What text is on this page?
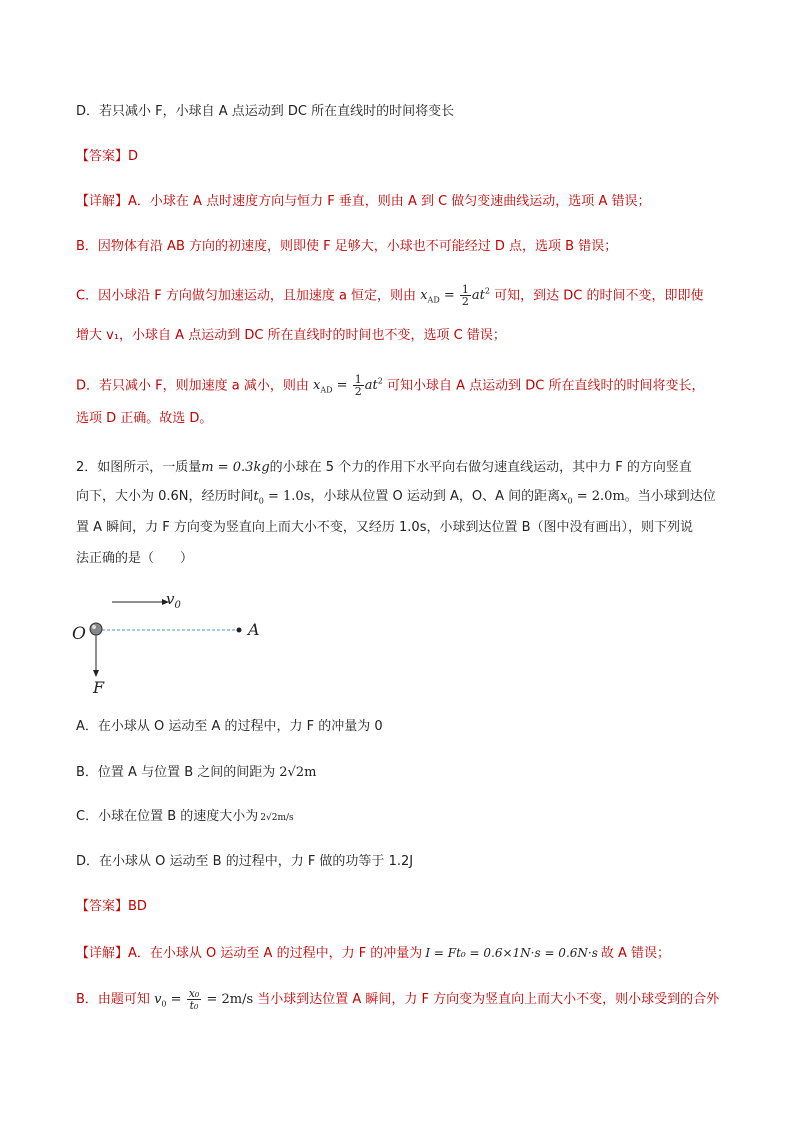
D．若只减小 F，小球自 A 点运动到 DC 所在直线时的时间将变长
【答案】D
【详解】A．小球在 A 点时速度方向与恒力 F 垂直，则由 A 到 C 做匀变速曲线运动，选项 A 错误；
B．因物体有沿 AB 方向的初速度，则即使 F 足够大，小球也不可能经过 D 点，选项 B 错误；
C．因小球沿 F 方向做匀加速运动，且加速度 a 恒定，则由 $x_{AD} = \frac{1}{2} at^2$ 可知，到达 DC 的时间不变，即即使
增大 v₁，小球自 A 点运动到 DC 所在直线时的时间也不变，选项 C 错误；
D．若只减小 F，则加速度 a 减小，则由 $x_{AD} = \frac{1}{2} at^2$ 可知小球自 A 点运动到 DC 所在直线时的时间将变长，
选项 D 正确。故选 D。
2．如图所示，一质量m = 0.3kg的小球在 5 个力的作用下水平向右做匀速直线运动，其中力 F 的方向竖直
向下，大小为 0.6N，经历时间$t_0 = 1.0s$，小球从位置 O 运动到 A，O、A 间的距离$x_0 = 2.0m$。当小球到达位
置 A 瞬间，力 F 方向变为竖直向上而大小不变，又经历 1.0s，小球到达位置 B（图中没有画出），则下列说
法正确的是（　　）
$v_0$
O	A
F
A．在小球从 O 运动至 A 的过程中，力 F 的冲量为 0
B．位置 A 与位置 B 之间的间距为 2√2m
C．小球在位置 B 的速度大小为 2√2m/s
D．在小球从 O 运动至 B 的过程中，力 F 做的功等于 1.2J
【答案】BD
【详解】A．在小球从 O 运动至 A 的过程中，力 F 的冲量为 I = Ft₀ = 0.6×1N·s = 0.6N·s 故 A 错误；
B．由题可知 $v_0 = \frac{\text{x₀}}{\text{t₀}} = 2m/s$ 当小球到达位置 A 瞬间，力 F 方向变为竖直向上而大小不变，则小球受到的合外
